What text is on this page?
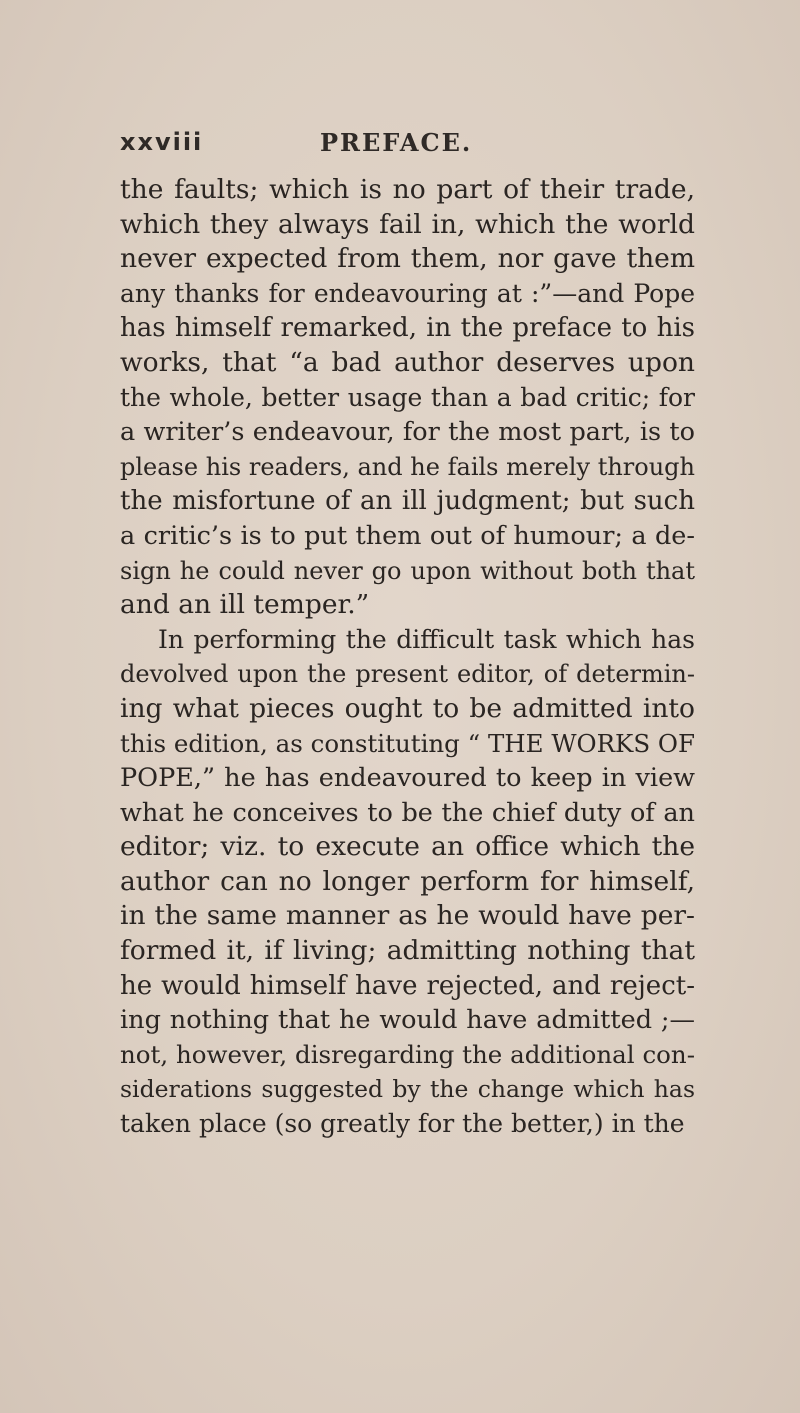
xxviii	PREFACE.
the faults; which is no part of their trade,
which they always fail in, which the world
never expected from them, nor gave them
any thanks for endeavouring at :”—and Pope
has himself remarked, in the preface to his
works, that “a bad author deserves upon
the whole, better usage than a bad critic; for
a writer’s endeavour, for the most part, is to
please his readers, and he fails merely through
the misfortune of an ill judgment; but such
a critic’s is to put them out of humour; a de-
sign he could never go upon without both that
and an ill temper.”
In performing the difficult task which has
devolved upon the present editor, of determin-
ing what pieces ought to be admitted into
this edition, as constituting “ THE WORKS OF
POPE,” he has endeavoured to keep in view
what he conceives to be the chief duty of an
editor; viz. to execute an office which the
author can no longer perform for himself,
in the same manner as he would have per-
formed it, if living; admitting nothing that
he would himself have rejected, and reject-
ing nothing that he would have admitted ;—
not, however, disregarding the additional con-
siderations suggested by the change which has
taken place (so greatly for the better,) in the
